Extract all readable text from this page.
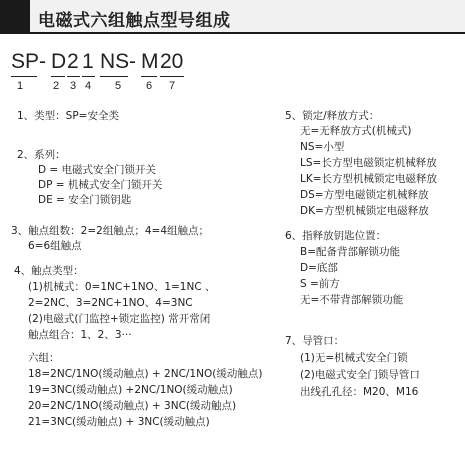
电磁式六组触点型号组成
SP - D 2 1 NS - M 20
1	2 3 4 5 6 7
1、类型：SP=安全类
2、系列：
D = 电磁式安全门锁开关
DP = 机械式安全门锁开关
DE = 安全门锁钥匙
3、触点组数：2=2组触点；4=4组触点；
6=6组触点
4、触点类型：
(1)机械式：0=1NC+1NO、1=1NC 、
2=2NC、3=2NC+1NO、4=3NC
(2)电磁式(门监控+锁定监控) 常开常闭
触点组合：1、2、3···
六组：
18=2NC/1NO(缓动触点) + 2NC/1NO(缓动触点)
19=3NC(缓动触点) +2NC/1NO(缓动触点)
20=2NC/1NO(缓动触点) + 3NC(缓动触点)
21=3NC(缓动触点) + 3NC(缓动触点)
5、锁定/释放方式：
无=无释放方式(机械式)
NS=小型
LS=长方型电磁锁定机械释放
LK=长方型机械锁定电磁释放
DS=方型电磁锁定机械释放
DK=方型机械锁定电磁释放
6、指释放钥匙位置：
B=配备背部解锁功能
D=底部
S =前方
无=不带背部解锁功能
7、导管口：
(1)无=机械式安全门锁
(2)电磁式安全门锁导管口
出线孔孔径：M20、M16
